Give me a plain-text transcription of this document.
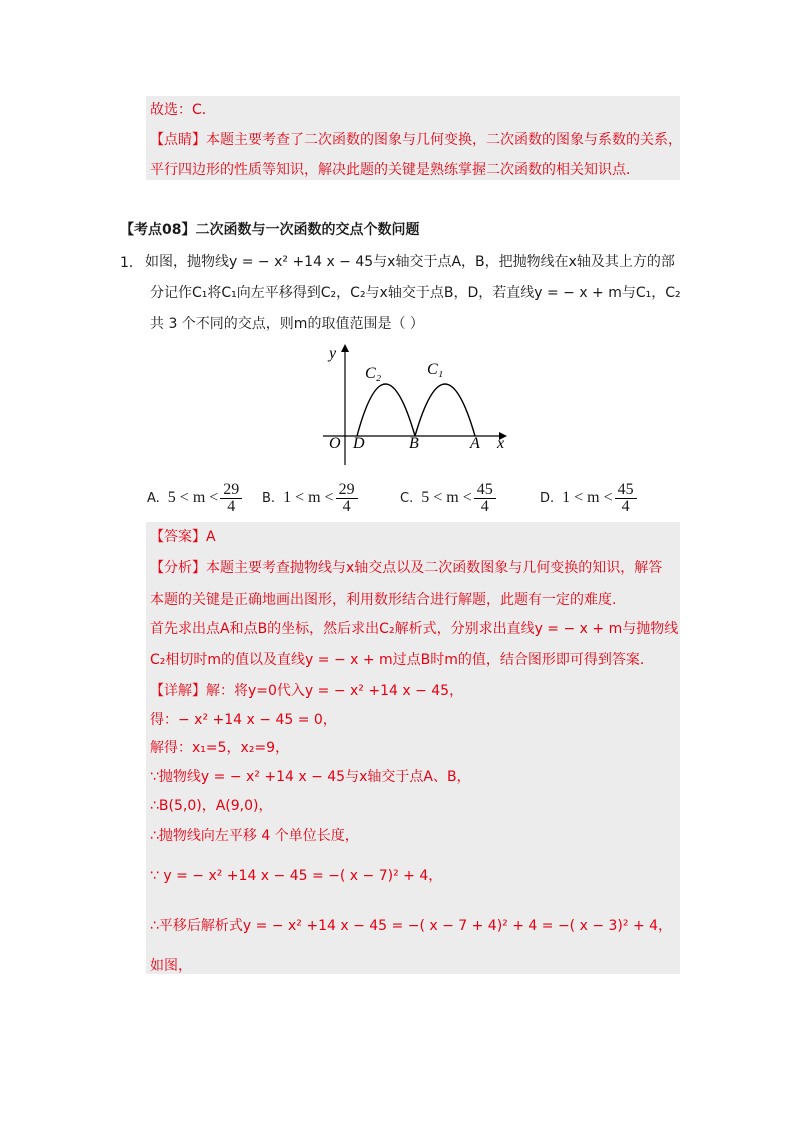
故选：C．
【点睛】本题主要考查了二次函数的图象与几何变换，二次函数的图象与系数的关系，
平行四边形的性质等知识，解决此题的关键是熟练掌握二次函数的相关知识点．
【考点08】二次函数与一次函数的交点个数问题
1． 如图，抛物线y = − x² +14 x − 45与x轴交于点A，B，把抛物线在x轴及其上方的部
分记作C₁将C₁向左平移得到C₂，C₂与x轴交于点B，D，若直线y = − x + m与C₁，C₂
共 3 个不同的交点，则m的取值范围是（ ）
y
x
O D	B	A
C₂	C₁
A. $5 < m < \frac{29}{4} B$. $1 < m < \frac{29}{4}$	C. $5 < m < \frac{45}{4}$	D. $1 < m < \frac{45}{4}$
【答案】A
【分析】本题主要考查抛物线与x轴交点以及二次函数图象与几何变换的知识，解答
本题的关键是正确地画出图形，利用数形结合进行解题，此题有一定的难度.
首先求出点A和点B的坐标，然后求出C₂解析式，分别求出直线y = − x + m与抛物线
C₂相切时m的值以及直线y = − x + m过点B时m的值，结合图形即可得到答案.
【详解】解：将y=0代入y = − x² +14 x − 45，
得：− x² +14 x − 45 = 0，
解得：x₁=5，x₂=9，
∵抛物线y = − x² +14 x − 45与x轴交于点A、B，
∴B(5,0)，A(9,0)，
∴抛物线向左平移 4 个单位长度，
∵ y = − x² +14 x − 45 = −( x − 7)² + 4，
∴平移后解析式y = − x² +14 x − 45 = −( x − 7 + 4)² + 4 = −( x − 3)² + 4，
如图，
